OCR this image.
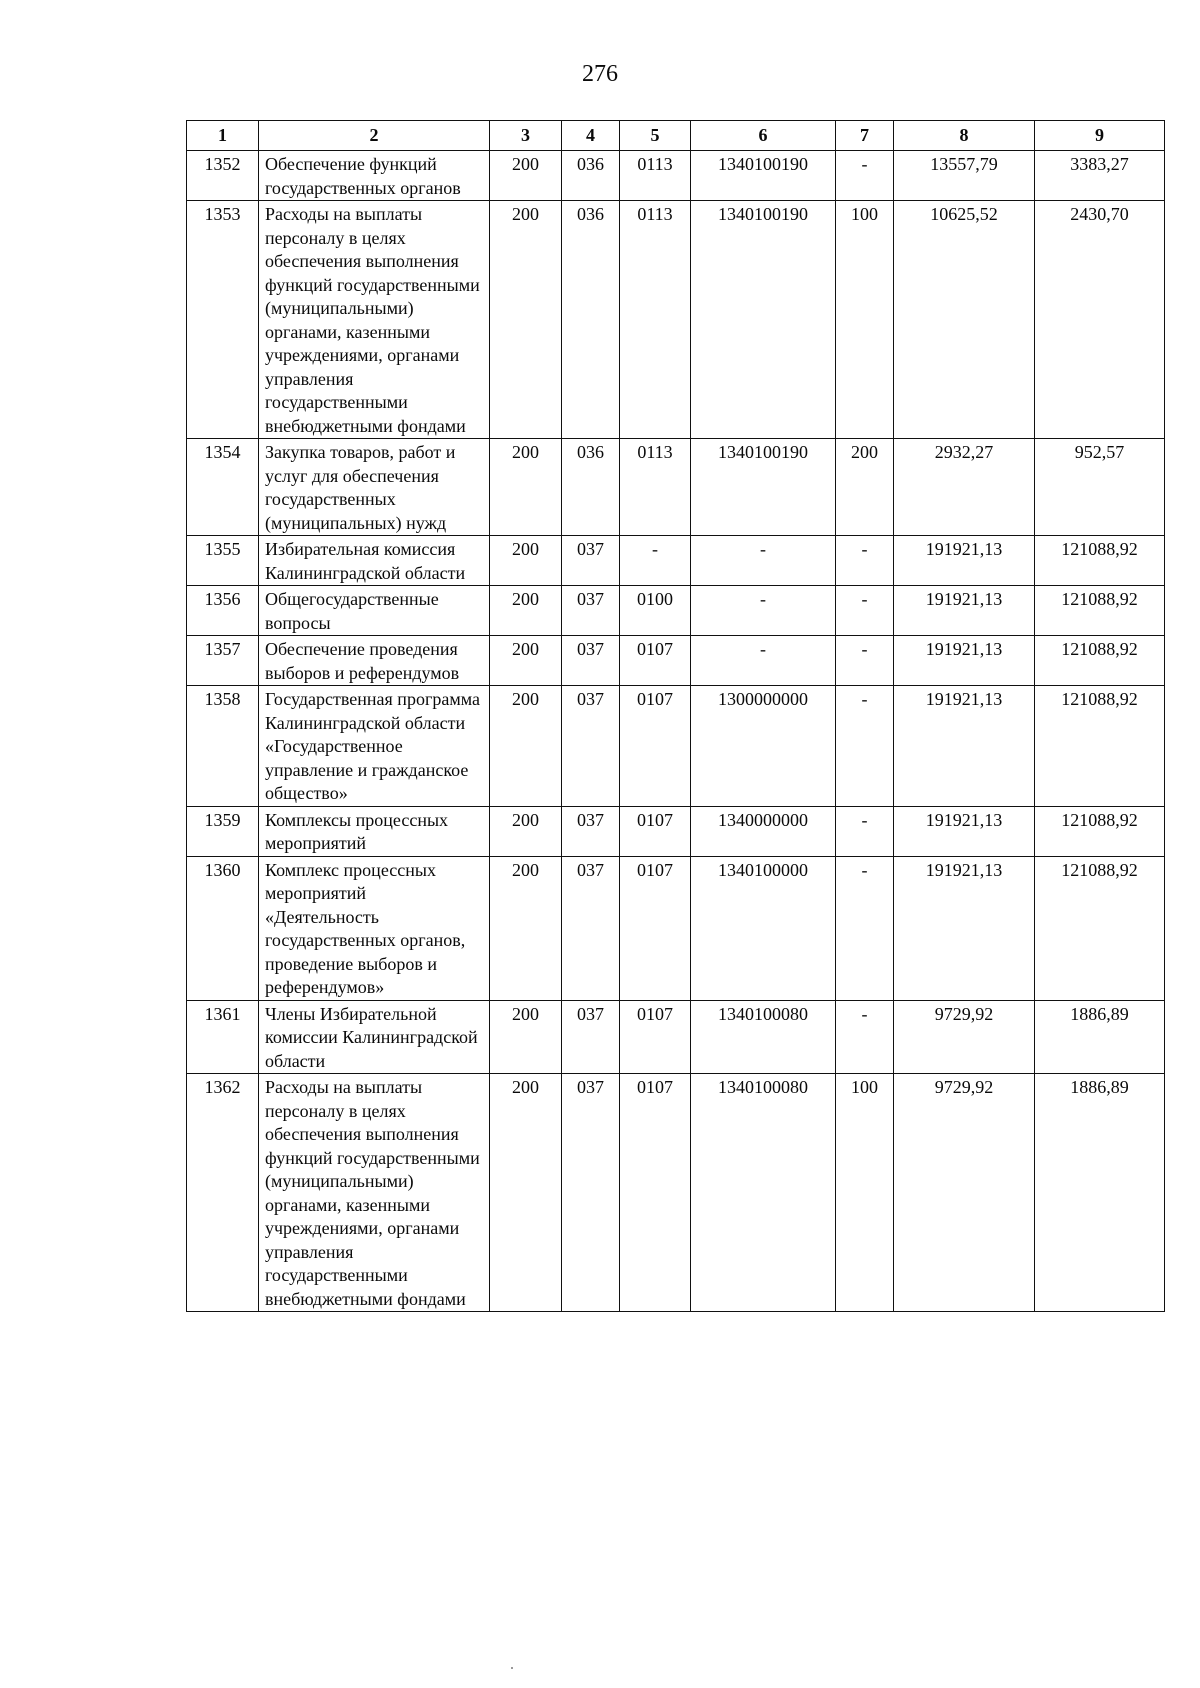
276
1	2	3	4	5	6	7	8	9
1352	Обеспечение функций государственных органов	200	036	0113	1340100190	-	13557,79	3383,27
1353	Расходы на выплаты персоналу в целях обеспечения выполнения функций государственными (муниципальными) органами, казенными учреждениями, органами управления государственными внебюджетными фондами	200	036	0113	1340100190	100	10625,52	2430,70
1354	Закупка товаров, работ и услуг для обеспечения государственных (муниципальных) нужд	200	036	0113	1340100190	200	2932,27	952,57
1355	Избирательная комиссия Калининградской области	200	037	-	-	-	191921,13	121088,92
1356	Общегосударственные вопросы	200	037	0100	-	-	191921,13	121088,92
1357	Обеспечение проведения выборов и референдумов	200	037	0107	-	-	191921,13	121088,92
1358	Государственная программа Калининградской области «Государственное управление и гражданское общество»	200	037	0107	1300000000	-	191921,13	121088,92
1359	Комплексы процессных мероприятий	200	037	0107	1340000000	-	191921,13	121088,92
1360	Комплекс процессных мероприятий «Деятельность государственных органов, проведение выборов и референдумов»	200	037	0107	1340100000	-	191921,13	121088,92
1361	Члены Избирательной комиссии Калининградской области	200	037	0107	1340100080	-	9729,92	1886,89
1362	Расходы на выплаты персоналу в целях обеспечения выполнения функций государственными (муниципальными) органами, казенными учреждениями, органами управления государственными внебюджетными фондами	200	037	0107	1340100080	100	9729,92	1886,89
